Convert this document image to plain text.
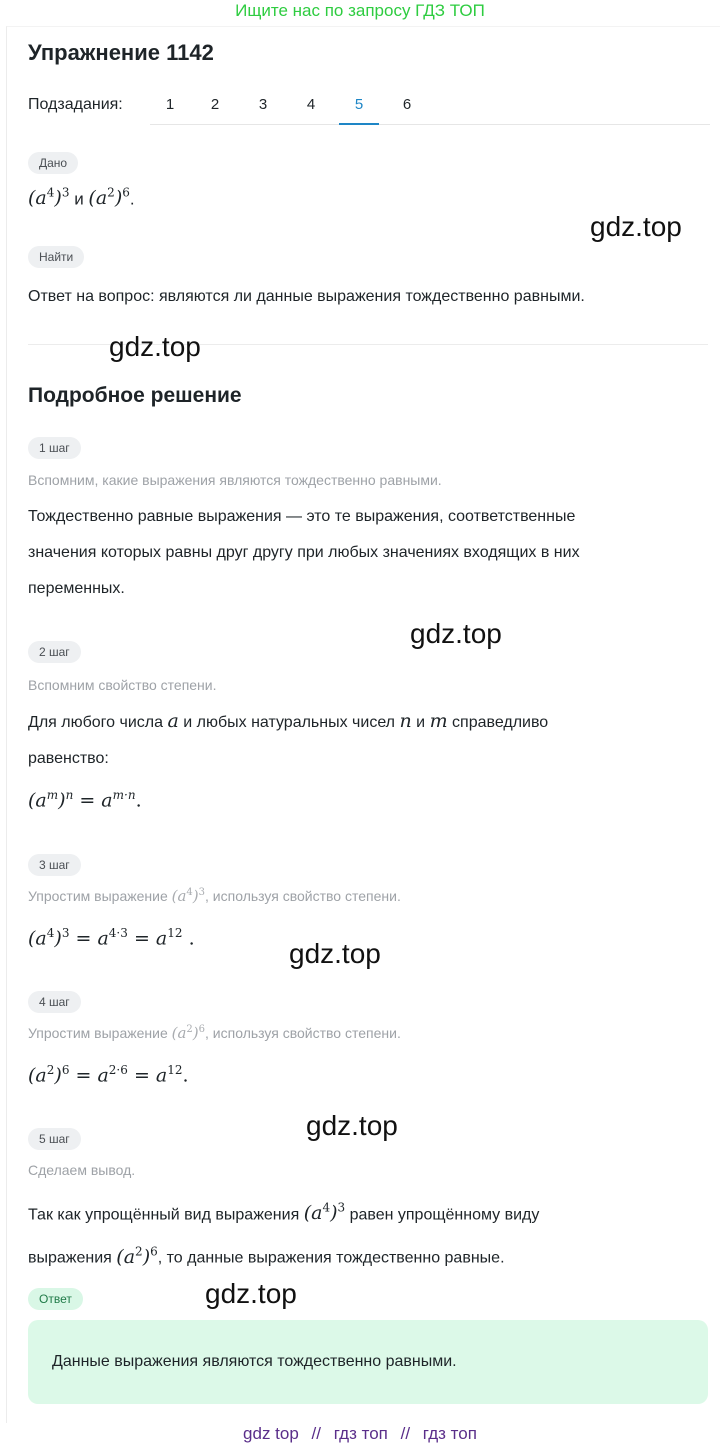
Ищите нас по запросу ГДЗ ТОП
Упражнение 1142
Подзадания:	1	2	3	4	5	6
Дано
$(a^4)^3$ и $(a^2)^6$.
gdz.top
Найти
Ответ на вопрос: являются ли данные выражения тождественно равными.
gdz.top
Подробное решение
1 шаг
Вспомним, какие выражения являются тождественно равными.
Тождественно равные выражения — это те выражения, соответственные
значения которых равны друг другу при любых значениях входящих в них
переменных.
gdz.top
2 шаг
Вспомним свойство степени.
Для любого числа a и любых натуральных чисел n и m справедливо
равенство:
$(a^m)^n = a^{m\cdot n}$.
3 шаг
Упростим выражение $(a^4)^3$, используя свойство степени.
$(a^4)^3 = a^{4\cdot 3} = a^{12}$ .	gdz.top
4 шаг
Упростим выражение $(a^2)^6$, используя свойство степени.
$(a^2)^6 = a^{2\cdot 6} = a^{12}$.
gdz.top
5 шаг
Сделаем вывод.
Так как упрощённый вид выражения $(a^4)^3$ равен упрощённому виду
выражения $(a^2)^6$, то данные выражения тождественно равные.
Ответ	gdz.top
Данные выражения являются тождественно равными.
gdz top // гдз топ // гдз топ
